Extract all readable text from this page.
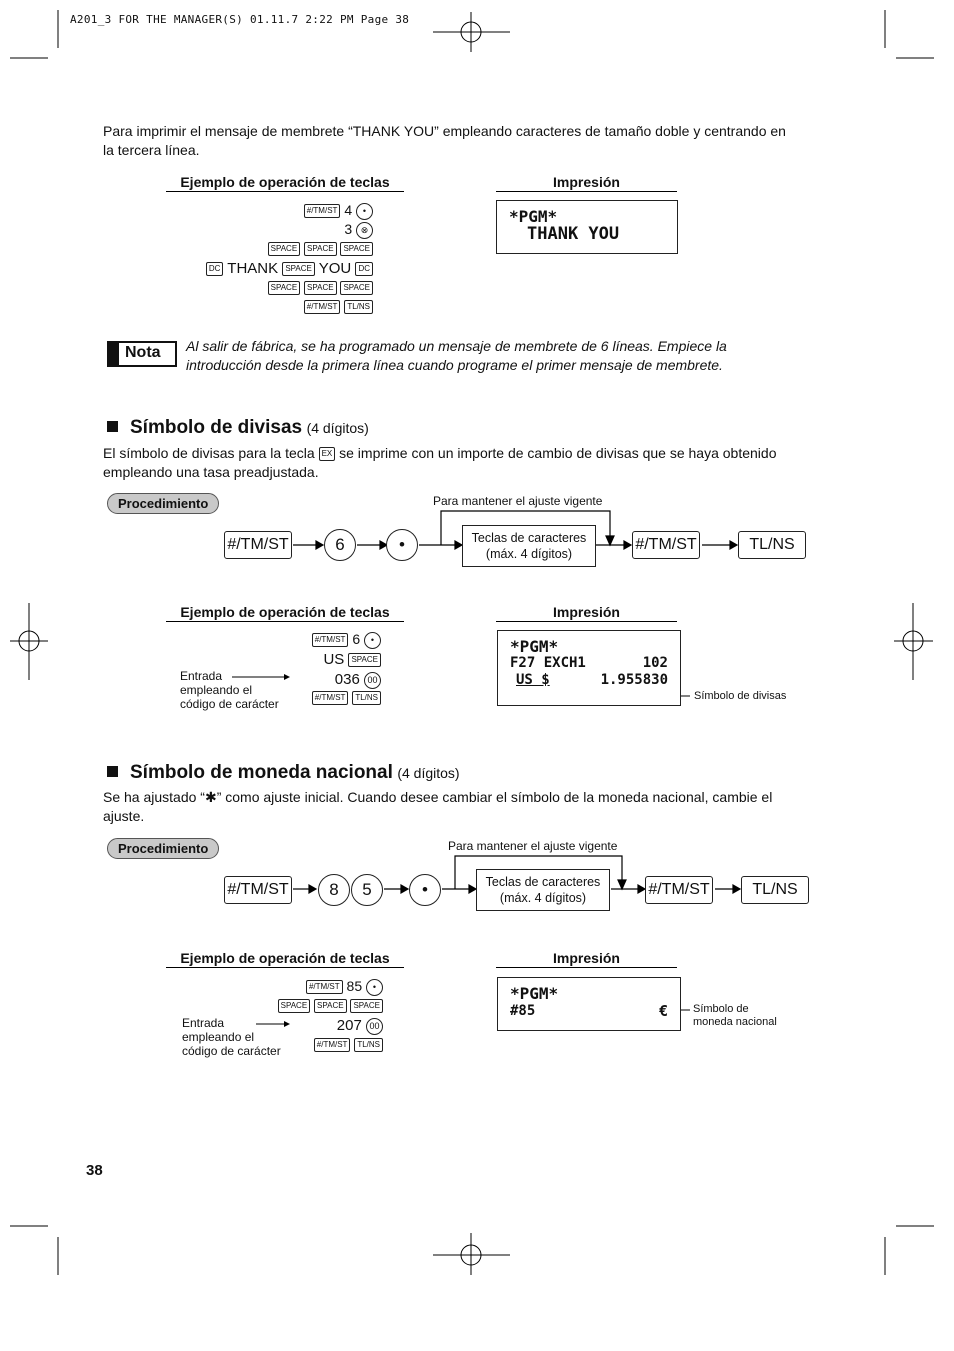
A201_3 FOR THE MANAGER(S) 01.11.7 2:22 PM Page 38
Para imprimir el mensaje de membrete “THANK YOU” empleando caracteres de tamaño doble y centrando en
la tercera línea.
Ejemplo de operación de teclas	Impresión
#/TM/ST 4 •
3 ⊗
SPACE SPACE SPACE
DC THANK SPACE YOU DC
SPACE SPACE SPACE
#/TM/ST TL/NS
*PGM*
THANK YOU
Nota Al salir de fábrica, se ha programado un mensaje de membrete de 6 líneas. Empiece la
introducción desde la primera línea cuando programe el primer mensaje de membrete.
Símbolo de divisas (4 dígitos)
El símbolo de divisas para la tecla EX se imprime con un importe de cambio de divisas que se haya obtenido
empleando una tasa preadjustada.
Procedimiento	Para mantener el ajuste vigente
#/TM/ST	6	•	Teclas de caracteres
(máx. 4 dígitos)
#/TM/ST	TL/NS
Ejemplo de operación de teclas	Impresión
#/TM/ST 6 •
US SPACE
036 00
#/TM/ST TL/NS
Entrada
empleando el
código de carácter
*PGM*
F27 EXCH1	102
US $	1.955830
Símbolo de divisas
Símbolo de moneda nacional (4 dígitos)
Se ha ajustado “✱” como ajuste inicial. Cuando desee cambiar el símbolo de la moneda nacional, cambie el
ajuste.
Procedimiento	Para mantener el ajuste vigente
#/TM/ST	8	5	•	Teclas de caracteres
(máx. 4 dígitos)	#/TM/ST	TL/NS
Ejemplo de operación de teclas	Impresión
#/TM/ST 85 •
SPACE SPACE SPACE
207 00
#/TM/ST TL/NS
Entrada
empleando el
código de carácter
*PGM*
#85	€ Símbolo de
moneda nacional
38
